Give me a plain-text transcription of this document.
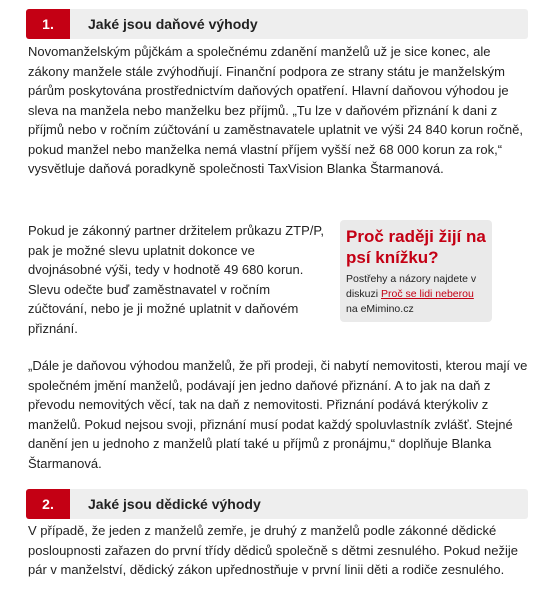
1.	Jaké jsou daňové výhody

Novomanželským půjčkám a společnému zdanění manželů už je sice konec, ale zákony manžele stále zvýhodňují. Finanční podpora ze strany státu je manželským párům poskytována prostřednictvím daňových opatření. Hlavní daňovou výhodou je sleva na manžela nebo manželku bez příjmů. „Tu lze v daňovém přiznání k dani z příjmů nebo v ročním zúčtování u zaměstnavatele uplatnit ve výši 24 840 korun ročně, pokud manžel nebo manželka nemá vlastní příjem vyšší než 68 000 korun za rok,“ vysvětluje daňová poradkyně společnosti TaxVision Blanka Štarmanová.

Pokud je zákonný partner držitelem průkazu ZTP/P, pak je možné slevu uplatnit dokonce ve dvojnásobné výši, tedy v hodnotě 49 680 korun. Slevu odečte buď zaměstnavatel v ročním zúčtování, nebo je ji možné uplatnit v daňovém přiznání.

Proč raději žijí na psí knížku?
Postřehy a názory najdete v diskuzi Proč se lidi neberou na eMimino.cz

„Dále je daňovou výhodou manželů, že při prodeji, či nabytí nemovitosti, kterou mají ve společném jmění manželů, podávají jen jedno daňové přiznání. A to jak na daň z převodu nemovitých věcí, tak na daň z nemovitosti. Přiznání podává kterýkoliv z manželů. Pokud nejsou svoji, přiznání musí podat každý spoluvlastník zvlášť. Stejné danění jen u jednoho z manželů platí také u příjmů z pronájmu,“ doplňuje Blanka Štarmanová.

2.	Jaké jsou dědické výhody

V případě, že jeden z manželů zemře, je druhý z manželů podle zákonné dědické posloupnosti zařazen do první třídy dědiců společně s dětmi zesnulého. Pokud nežije pár v manželství, dědický zákon upřednostňuje v první linii děti a rodiče zesnulého.
